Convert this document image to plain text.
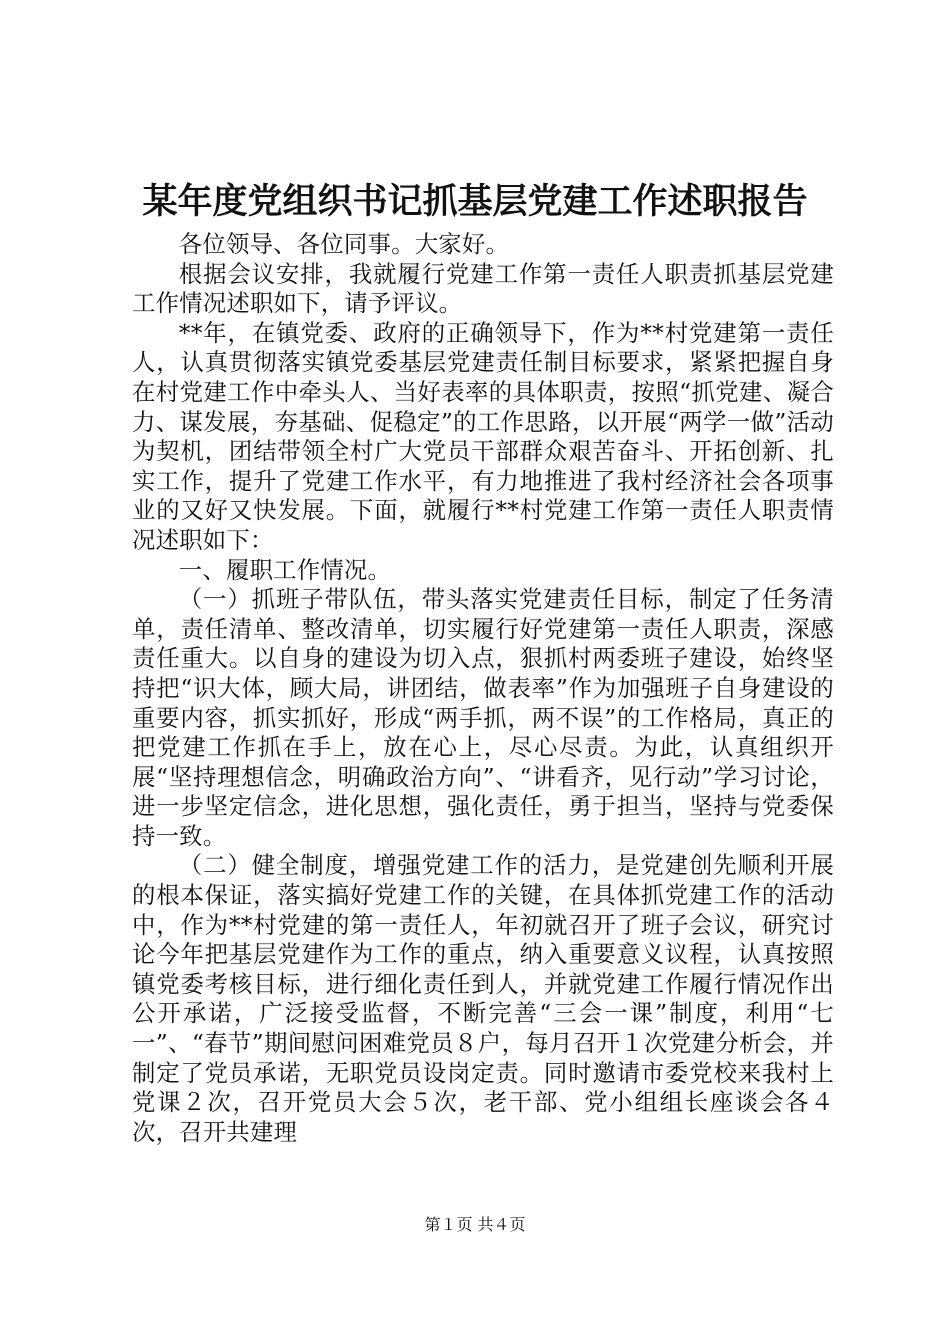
某年度党组织书记抓基层党建工作述职报告

各位领导、各位同事。大家好。

根据会议安排，我就履行党建工作第一责任人职责抓基层党建工作情况述职如下，请予评议。

**年，在镇党委、政府的正确领导下，作为**村党建第一责任人，认真贯彻落实镇党委基层党建责任制目标要求，紧紧把握自身在村党建工作中牵头人、当好表率的具体职责，按照“抓党建、凝合力、谋发展，夯基础、促稳定”的工作思路，以开展“两学一做”活动为契机，团结带领全村广大党员干部群众艰苦奋斗、开拓创新、扎实工作，提升了党建工作水平，有力地推进了我村经济社会各项事业的又好又快发展。下面，就履行**村党建工作第一责任人职责情况述职如下：

一、履职工作情况。

（一）抓班子带队伍，带头落实党建责任目标，制定了任务清单，责任清单、整改清单，切实履行好党建第一责任人职责，深感责任重大。以自身的建设为切入点，狠抓村两委班子建设，始终坚持把“识大体，顾大局，讲团结，做表率”作为加强班子自身建设的重要内容，抓实抓好，形成“两手抓，两不误”的工作格局，真正的把党建工作抓在手上，放在心上，尽心尽责。为此，认真组织开展“坚持理想信念，明确政治方向”、“讲看齐，见行动”学习讨论，进一步坚定信念，进化思想，强化责任，勇于担当，坚持与党委保持一致。

（二）健全制度，增强党建工作的活力，是党建创先顺利开展的根本保证，落实搞好党建工作的关键，在具体抓党建工作的活动中，作为**村党建的第一责任人，年初就召开了班子会议，研究讨论今年把基层党建作为工作的重点，纳入重要意义议程，认真按照镇党委考核目标，进行细化责任到人，并就党建工作履行情况作出公开承诺，广泛接受监督，不断完善“三会一课”制度，利用“七一”、“春节”期间慰问困难党员８户，每月召开１次党建分析会，并制定了党员承诺，无职党员设岗定责。同时邀请市委党校来我村上党课２次，召开党员大会５次，老干部、党小组组长座谈会各４次，召开共建理

第１页 共４页
